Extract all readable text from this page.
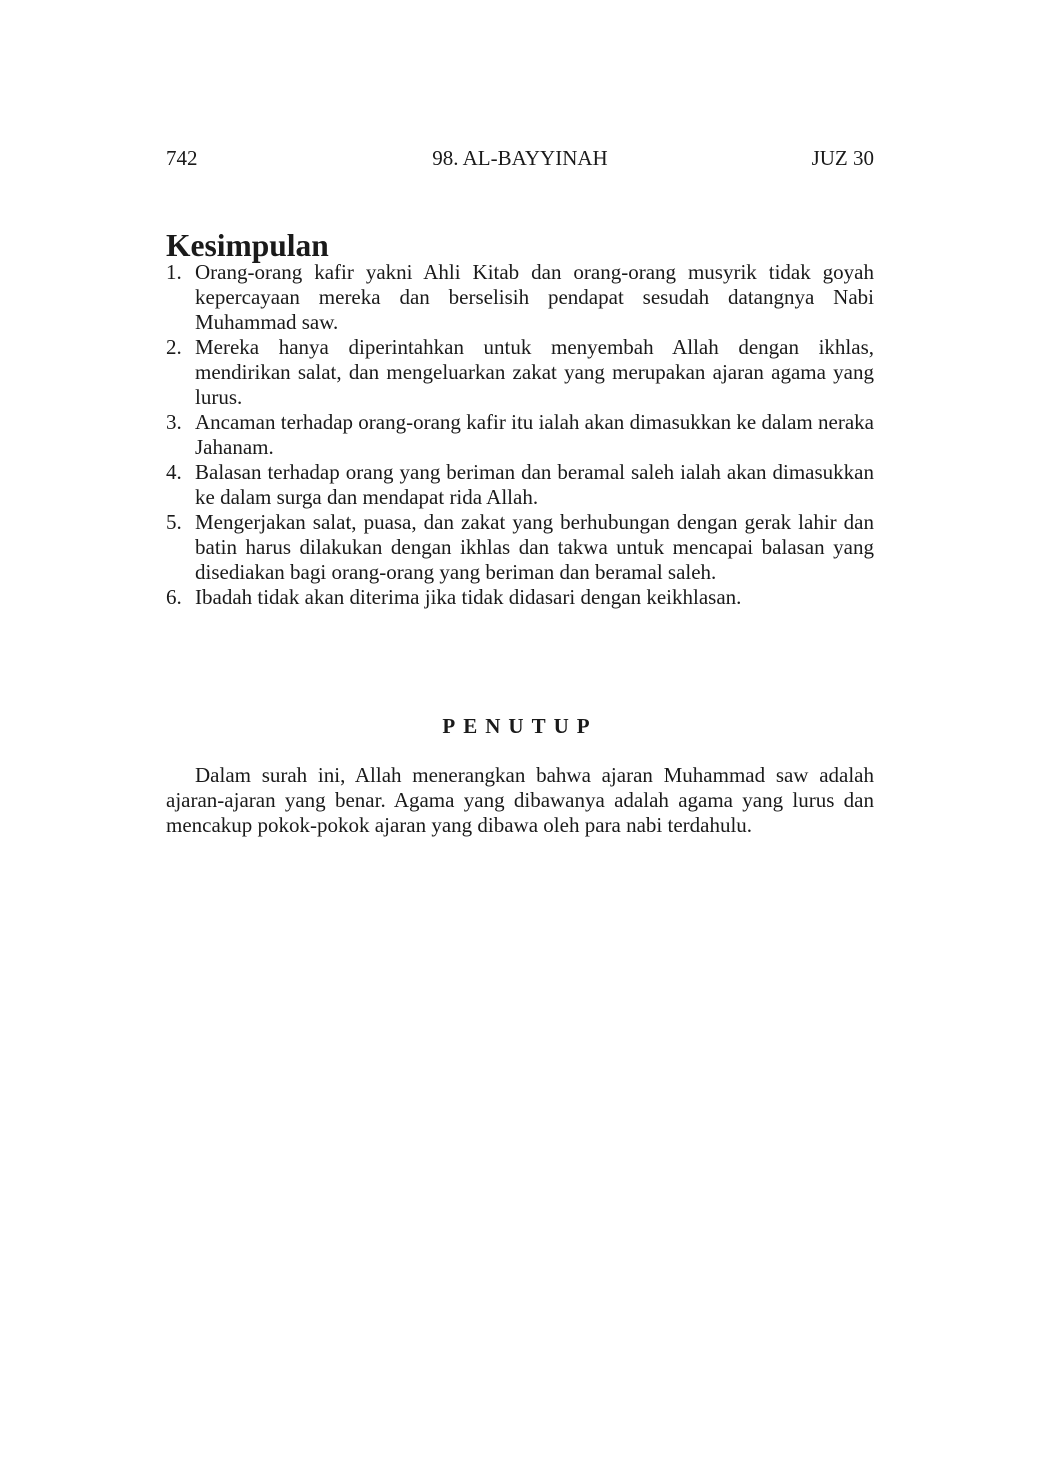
742	98. AL-BAYYINAH	JUZ 30
Kesimpulan
1. Orang-orang kafir yakni Ahli Kitab dan orang-orang musyrik tidak goyah kepercayaan mereka dan berselisih pendapat sesudah datangnya Nabi Muhammad saw.
2. Mereka hanya diperintahkan untuk menyembah Allah dengan ikhlas, mendirikan salat, dan mengeluarkan zakat yang merupakan ajaran agama yang lurus.
3. Ancaman terhadap orang-orang kafir itu ialah akan dimasukkan ke dalam neraka Jahanam.
4. Balasan terhadap orang yang beriman dan beramal saleh ialah akan dimasukkan ke dalam surga dan mendapat rida Allah.
5. Mengerjakan salat, puasa, dan zakat yang berhubungan dengan gerak lahir dan batin harus dilakukan dengan ikhlas dan takwa untuk mencapai balasan yang disediakan bagi orang-orang yang beriman dan beramal saleh.
6. Ibadah tidak akan diterima jika tidak didasari dengan keikhlasan.
PENUTUP

Dalam surah ini, Allah menerangkan bahwa ajaran Muhammad saw adalah ajaran-ajaran yang benar. Agama yang dibawanya adalah agama yang lurus dan mencakup pokok-pokok ajaran yang dibawa oleh para nabi terdahulu.
